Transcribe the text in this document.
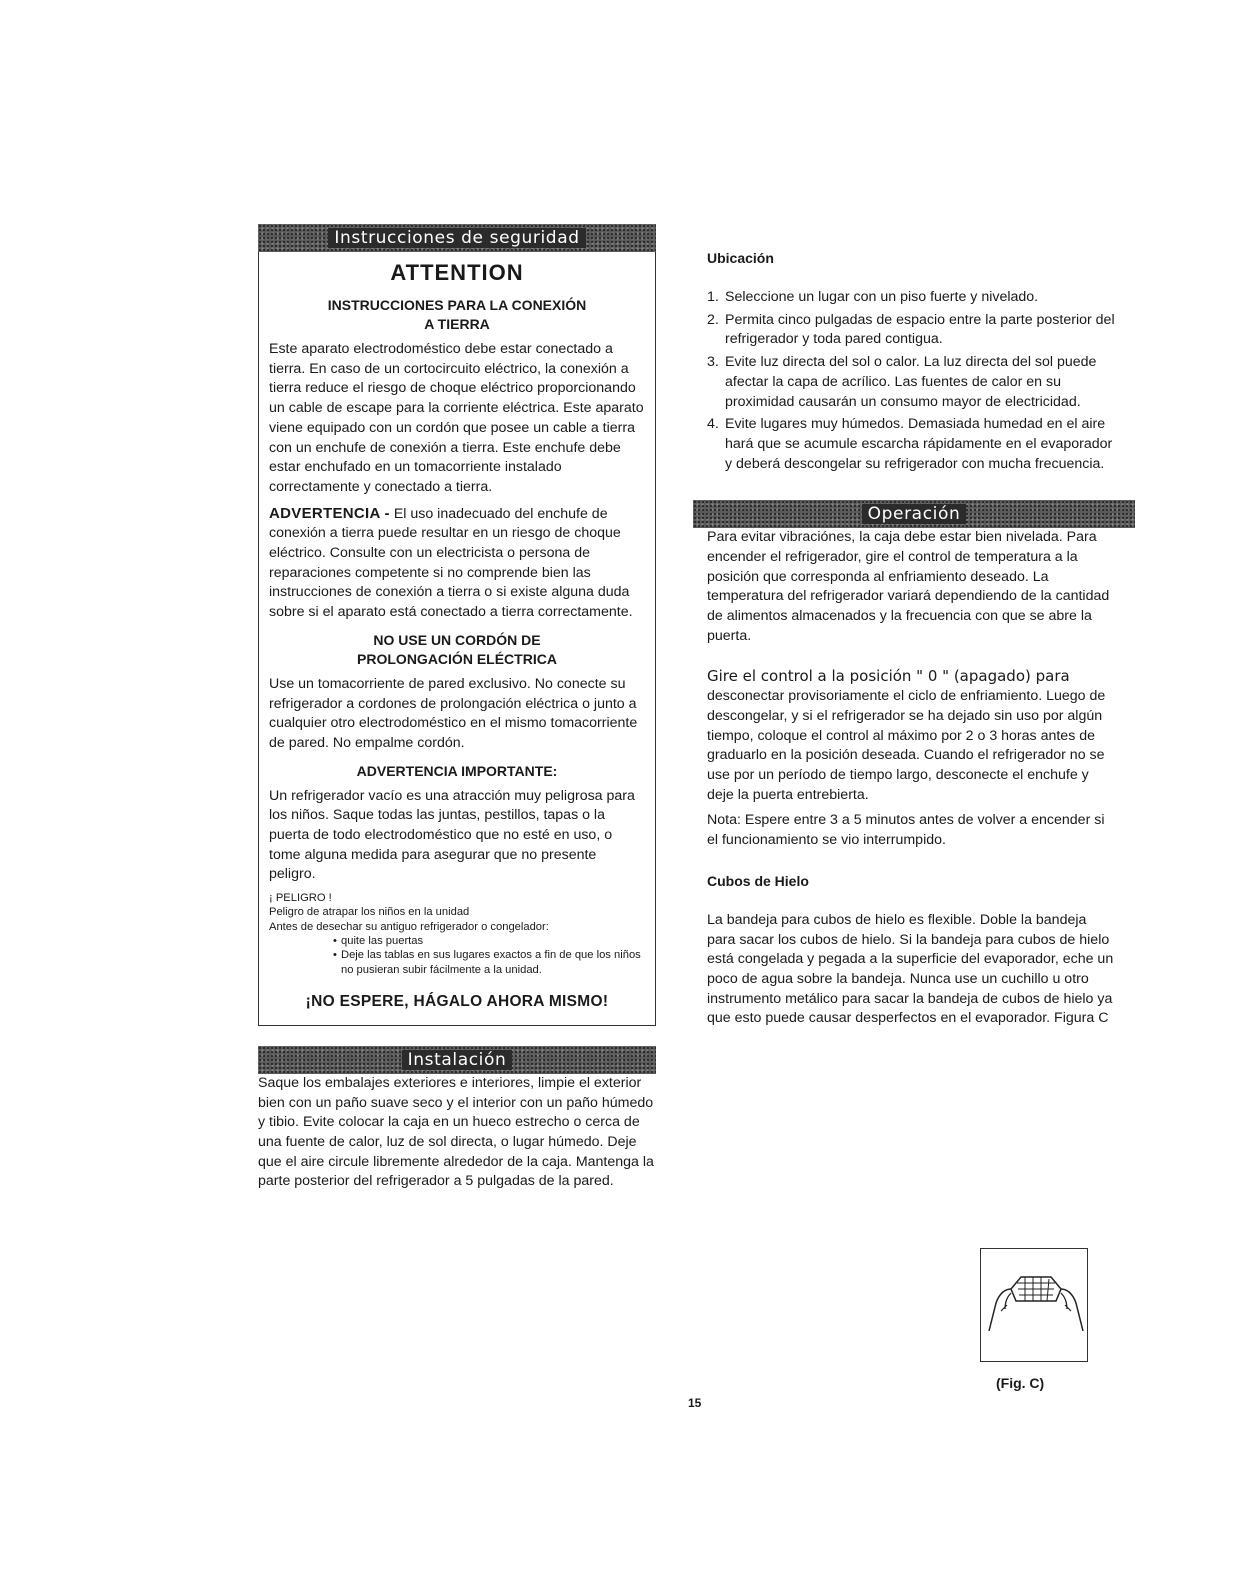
Instrucciones de seguridad
ATTENTION
INSTRUCCIONES PARA LA CONEXIÓN
A TIERRA

Este aparato electrodoméstico debe estar conectado a tierra. En caso de un cortocircuito eléctrico, la conexión a tierra reduce el riesgo de choque eléctrico proporcionando un cable de escape para la corriente eléctrica. Este aparato viene equipado con un cordón que posee un cable a tierra con un enchufe de conexión a tierra. Este enchufe debe estar enchufado en un tomacorriente instalado correctamente y conectado a tierra.

ADVERTENCIA - El uso inadecuado del enchufe de conexión a tierra puede resultar en un riesgo de choque eléctrico. Consulte con un electricista o persona de reparaciones competente si no comprende bien las instrucciones de conexión a tierra o si existe alguna duda sobre si el aparato está conectado a tierra correctamente.

NO USE UN CORDÓN DE
PROLONGACIÓN ELÉCTRICA

Use un tomacorriente de pared exclusivo. No conecte su refrigerador a cordones de prolongación eléctrica o junto a cualquier otro electrodoméstico en el mismo tomacorriente de pared. No empalme cordón.

ADVERTENCIA IMPORTANTE:

Un refrigerador vacío es una atracción muy peligrosa para los niños. Saque todas las juntas, pestillos, tapas o la puerta de todo electrodoméstico que no esté en uso, o tome alguna medida para asegurar que no presente peligro.

¡ PELIGRO !
Peligro de atrapar los niños en la unidad
Antes de desechar su antiguo refrigerador o congelador:
• quite las puertas
• Deje las tablas en sus lugares exactos a fin de que los niños no pusieran subir fácilmente a la unidad.
¡NO ESPERE, HÁGALO AHORA MISMO!
Instalación

Saque los embalajes exteriores e interiores, limpie el exterior bien con un paño suave seco y el interior con un paño húmedo y tibio. Evite colocar la caja en un hueco estrecho o cerca de una fuente de calor, luz de sol directa, o lugar húmedo. Deje que el aire circule libremente alrededor de la caja. Mantenga la parte posterior del refrigerador a 5 pulgadas de la pared.

Ubicación
1. Seleccione un lugar con un piso fuerte y nivelado.
2. Permita cinco pulgadas de espacio entre la parte posterior del refrigerador y toda pared contigua.
3. Evite luz directa del sol o calor. La luz directa del sol puede afectar la capa de acrílico. Las fuentes de calor en su proximidad causarán un consumo mayor de electricidad.
4. Evite lugares muy húmedos. Demasiada humedad en el aire hará que se acumule escarcha rápidamente en el evaporador y deberá descongelar su refrigerador con mucha frecuencia.
Operación

Para evitar vibraciónes, la caja debe estar bien nivelada. Para encender el refrigerador, gire el control de temperatura a la posición que corresponda al enfriamiento deseado. La temperatura del refrigerador variará dependiendo de la cantidad de alimentos almacenados y la frecuencia con que se abre la puerta.

Gire el control a la posición " 0 " (apagado) para
desconectar provisoriamente el ciclo de enfriamiento. Luego de descongelar, y si el refrigerador se ha dejado sin uso por algún tiempo, coloque el control al máximo por 2 o 3 horas antes de graduarlo en la posición deseada. Cuando el refrigerador no se use por un período de tiempo largo, desconecte el enchufe y deje la puerta entrebierta.

Nota: Espere entre 3 a 5 minutos antes de volver a encender si el funcionamiento se vio interrumpido.

Cubos de Hielo

La bandeja para cubos de hielo es flexible. Doble la bandeja para sacar los cubos de hielo. Si la bandeja para cubos de hielo está congelada y pegada a la superficie del evaporador, eche un poco de agua sobre la bandeja. Nunca use un cuchillo u otro instrumento metálico para sacar la bandeja de cubos de hielo ya que esto puede causar desperfectos en el evaporador. Figura C

(Fig. C)
15
